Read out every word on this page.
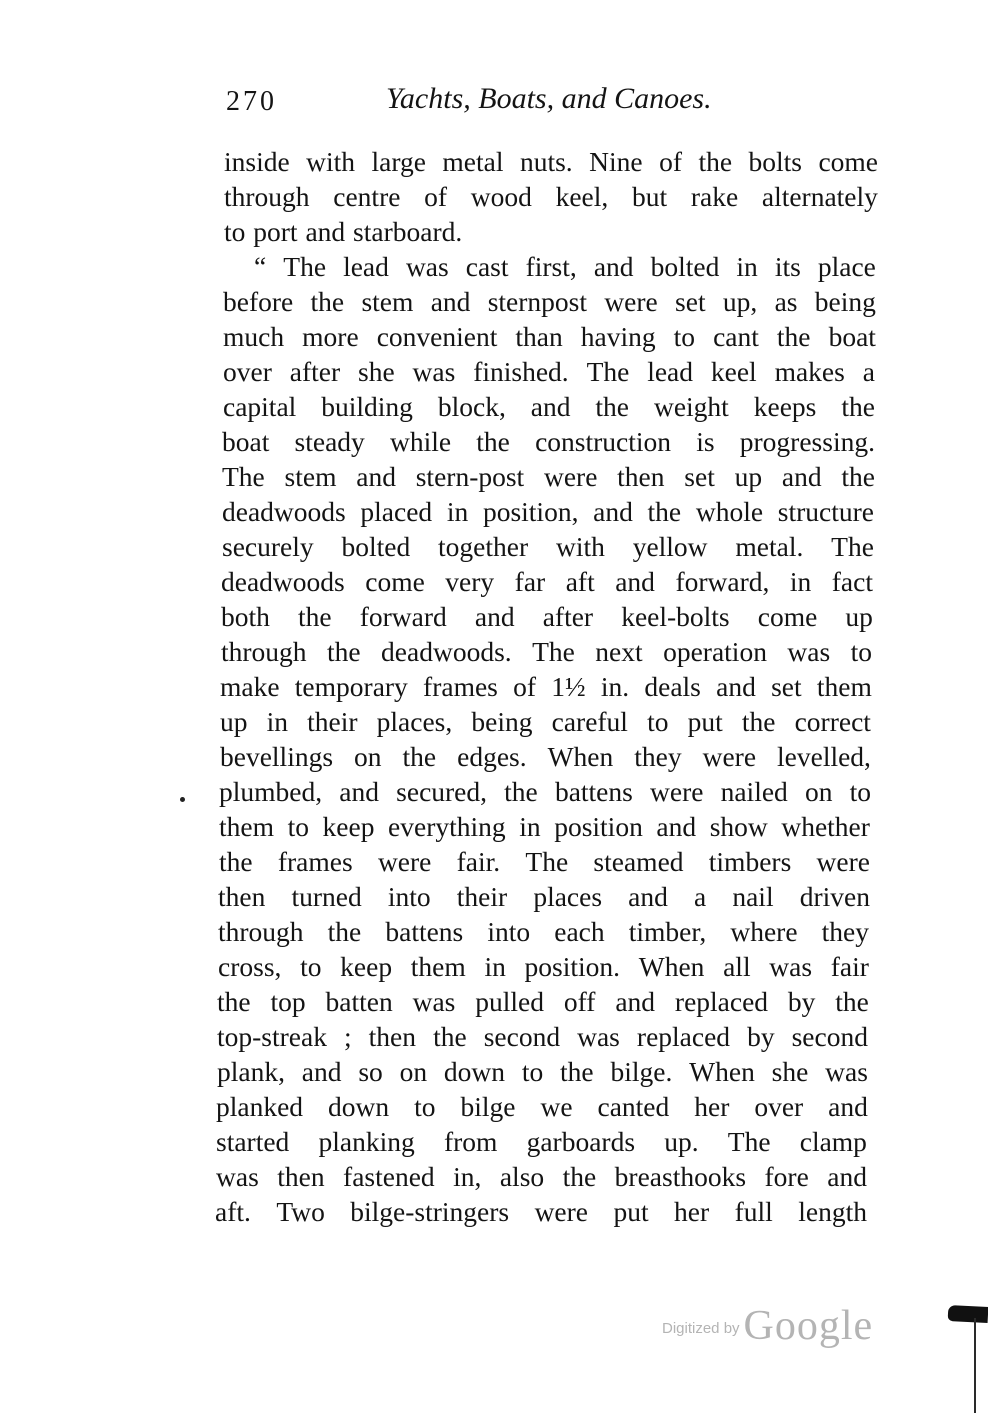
270	Yachts, Boats, and Canoes.
inside with large metal nuts. Nine of the bolts come
through centre of wood keel, but rake alternately
to port and starboard.
“ The lead was cast first, and bolted in its place
before the stem and sternpost were set up, as being
much more convenient than having to cant the boat
over after she was finished. The lead keel makes a
capital building block, and the weight keeps the
boat steady while the construction is progressing.
The stem and stern-post were then set up and the
deadwoods placed in position, and the whole structure
securely bolted together with yellow metal. The
deadwoods come very far aft and forward, in fact
both the forward and after keel-bolts come up
through the deadwoods. The next operation was to
make temporary frames of 1½ in. deals and set them
up in their places, being careful to put the correct
bevellings on the edges. When they were levelled,
plumbed, and secured, the battens were nailed on to
them to keep everything in position and show whether
the frames were fair. The steamed timbers were
then turned into their places and a nail driven
through the battens into each timber, where they
cross, to keep them in position. When all was fair
the top batten was pulled off and replaced by the
top-streak ; then the second was replaced by second
plank, and so on down to the bilge. When she was
planked down to bilge we canted her over and
started planking from garboards up. The clamp
was then fastened in, also the breasthooks fore and
aft. Two bilge-stringers were put her full length
Digitized by Google
